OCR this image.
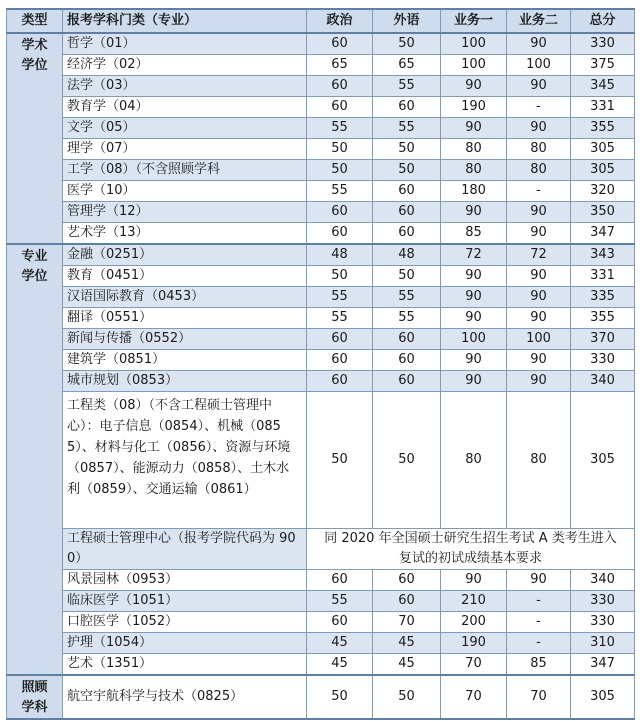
类型	报考学科门类（专业）	政治	外语	业务一	业务二	总分

学术学位	哲学（01）	60	50	100	90	330
	经济学（02）	65	65	100	100	375
	法学（03）	60	55	90	90	345
	教育学（04）	60	60	190	-	331
	文学（05）	55	55	90	90	355
	理学（07）	50	50	80	80	305
	工学（08）（不含照顾学科	50	50	80	80	305
	医学（10）	55	60	180	-	320
	管理学（12）	60	60	90	90	350
	艺术学（13）	60	60	85	90	347

专业学位	金融（0251）	48	48	72	72	343
	教育（0451）	50	50	90	90	331
	汉语国际教育（0453）	55	55	90	90	335
	翻译（0551）	55	55	90	90	355
	新闻与传播（0552）	60	60	100	100	370
	建筑学（0851）	60	60	90	90	330
	城市规划（0853）	60	60	90	90	340
	工程类（08）（不含工程硕士管理中心）：电子信息（0854）、机械（0855）、材料与化工（0856）、资源与环境（0857）、能源动力（0858）、土木水利（0859）、交通运输（0861）	50	50	80	80	305
	工程硕士管理中心（报考学院代码为 900）	同 2020 年全国硕士研究生招生考试 A 类考生进入复试的初试成绩基本要求				
	风景园林（0953）	60	60	90	90	340
	临床医学（1051）	55	60	210	-	330
	口腔医学（1052）	60	70	200	-	330
	护理（1054）	45	45	190	-	310
	艺术（1351）	45	45	70	85	347

照顾学科	航空宇航科学与技术（0825）	50	50	70	70	305
